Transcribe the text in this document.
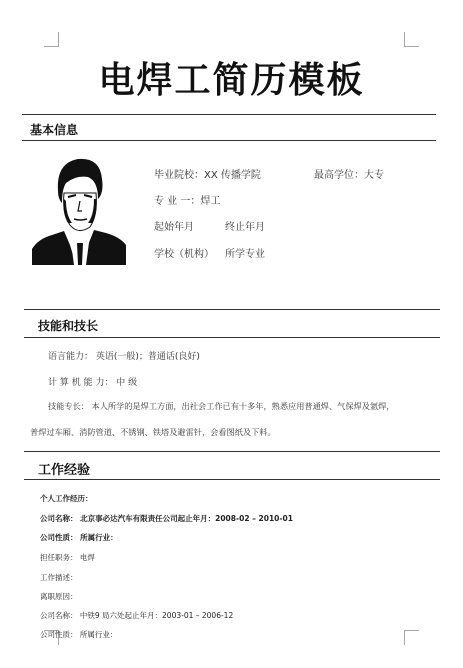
电焊工简历模板
基本信息
毕业院校：XX 传播学院	最高学位：大专
专 业 一：焊工
起始年月	终止年月
学校（机构） 所学专业
技能和技长
语言能力： 英语(一般)；普通话(良好)
计 算 机 能 力： 中 级
技能专长： 本人所学的是焊工方面，出社会工作已有十多年，熟悉应用普通焊、气保焊及氩焊，
普焊过车厢、消防管道、不锈钢、铁塔及避雷针，会看图纸及下料。
工作经验
个人工作经历：
公司名称： 北京事必达汽车有限责任公司起止年月：2008-02 – 2010-01
公司性质： 所属行业：
担任职务： 电焊
工作描述：
离职原因：
公司名称： 中铁9 局六处起止年月：2003-01 – 2006-12
公司性质： 所属行业：
